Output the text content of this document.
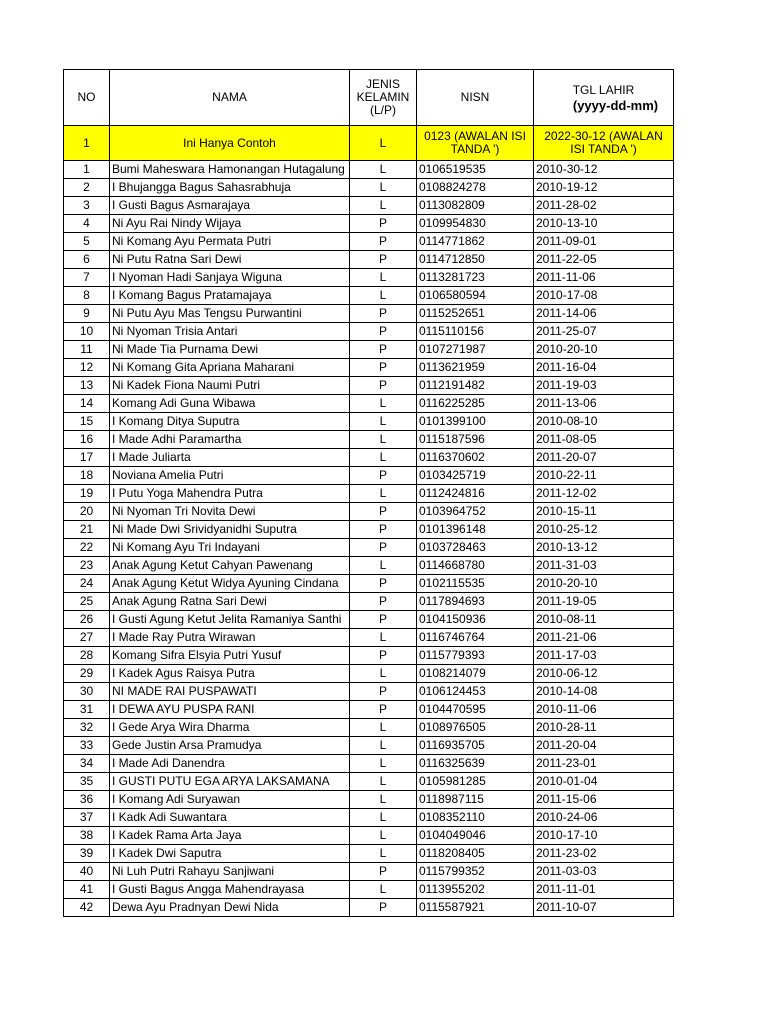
NO	NAMA	JENIS KELAMIN (L/P)	NISN	TGL LAHIR
(yyyy-dd-mm)

1	Ini Hanya Contoh	L	0123 (AWALAN ISI TANDA ')	2022-30-12 (AWALAN ISI TANDA ')
1	Bumi Maheswara Hamonangan Hutagalung	L	0106519535	2010-30-12
2	I Bhujangga Bagus Sahasrabhuja	L	0108824278	2010-19-12
3	I Gusti Bagus Asmarajaya	L	0113082809	2011-28-02
4	Ni Ayu Rai Nindy Wijaya	P	0109954830	2010-13-10
5	Ni Komang Ayu Permata Putri	P	0114771862	2011-09-01
6	Ni Putu Ratna Sari Dewi	P	0114712850	2011-22-05
7	I Nyoman Hadi Sanjaya Wiguna	L	0113281723	2011-11-06
8	I Komang Bagus Pratamajaya	L	0106580594	2010-17-08
9	Ni Putu Ayu Mas Tengsu Purwantini	P	0115252651	2011-14-06
10	Ni Nyoman Trisia Antari	P	0115110156	2011-25-07
11	Ni Made Tia Purnama Dewi	P	0107271987	2010-20-10
12	Ni Komang Gita Apriana Maharani	P	0113621959	2011-16-04
13	Ni Kadek Fiona Naumi Putri	P	0112191482	2011-19-03
14	Komang Adi Guna Wibawa	L	0116225285	2011-13-06
15	I Komang Ditya Suputra	L	0101399100	2010-08-10
16	I Made Adhi Paramartha	L	0115187596	2011-08-05
17	I Made Juliarta	L	0116370602	2011-20-07
18	Noviana Amelia Putri	P	0103425719	2010-22-11
19	I Putu Yoga Mahendra Putra	L	0112424816	2011-12-02
20	Ni Nyoman Tri Novita Dewi	P	0103964752	2010-15-11
21	Ni Made Dwi Srividyanidhi Suputra	P	0101396148	2010-25-12
22	Ni Komang Ayu Tri Indayani	P	0103728463	2010-13-12
23	Anak Agung Ketut Cahyan Pawenang	L	0114668780	2011-31-03
24	Anak Agung Ketut Widya Ayuning Cindana	P	0102115535	2010-20-10
25	Anak Agung Ratna Sari Dewi	P	0117894693	2011-19-05
26	I Gusti Agung Ketut Jelita Ramaniya Santhi	P	0104150936	2010-08-11
27	I Made Ray Putra Wirawan	L	0116746764	2011-21-06
28	Komang Sifra Elsyia Putri Yusuf	P	0115779393	2011-17-03
29	I Kadek Agus Raisya Putra	L	0108214079	2010-06-12
30	NI MADE RAI PUSPAWATI	P	0106124453	2010-14-08
31	I DEWA AYU PUSPA RANI	P	0104470595	2010-11-06
32	I Gede Arya Wira Dharma	L	0108976505	2010-28-11
33	Gede Justin Arsa Pramudya	L	0116935705	2011-20-04
34	I Made Adi Danendra	L	0116325639	2011-23-01
35	I GUSTI PUTU EGA ARYA LAKSAMANA	L	0105981285	2010-01-04
36	I Komang Adi Suryawan	L	0118987115	2011-15-06
37	I Kadk Adi Suwantara	L	0108352110	2010-24-06
38	I Kadek Rama Arta Jaya	L	0104049046	2010-17-10
39	I Kadek Dwi Saputra	L	0118208405	2011-23-02
40	Ni Luh Putri Rahayu Sanjiwani	P	0115799352	2011-03-03
41	I Gusti Bagus Angga Mahendrayasa	L	0113955202	2011-11-01
42	Dewa Ayu Pradnyan Dewi Nida	P	0115587921	2011-10-07
